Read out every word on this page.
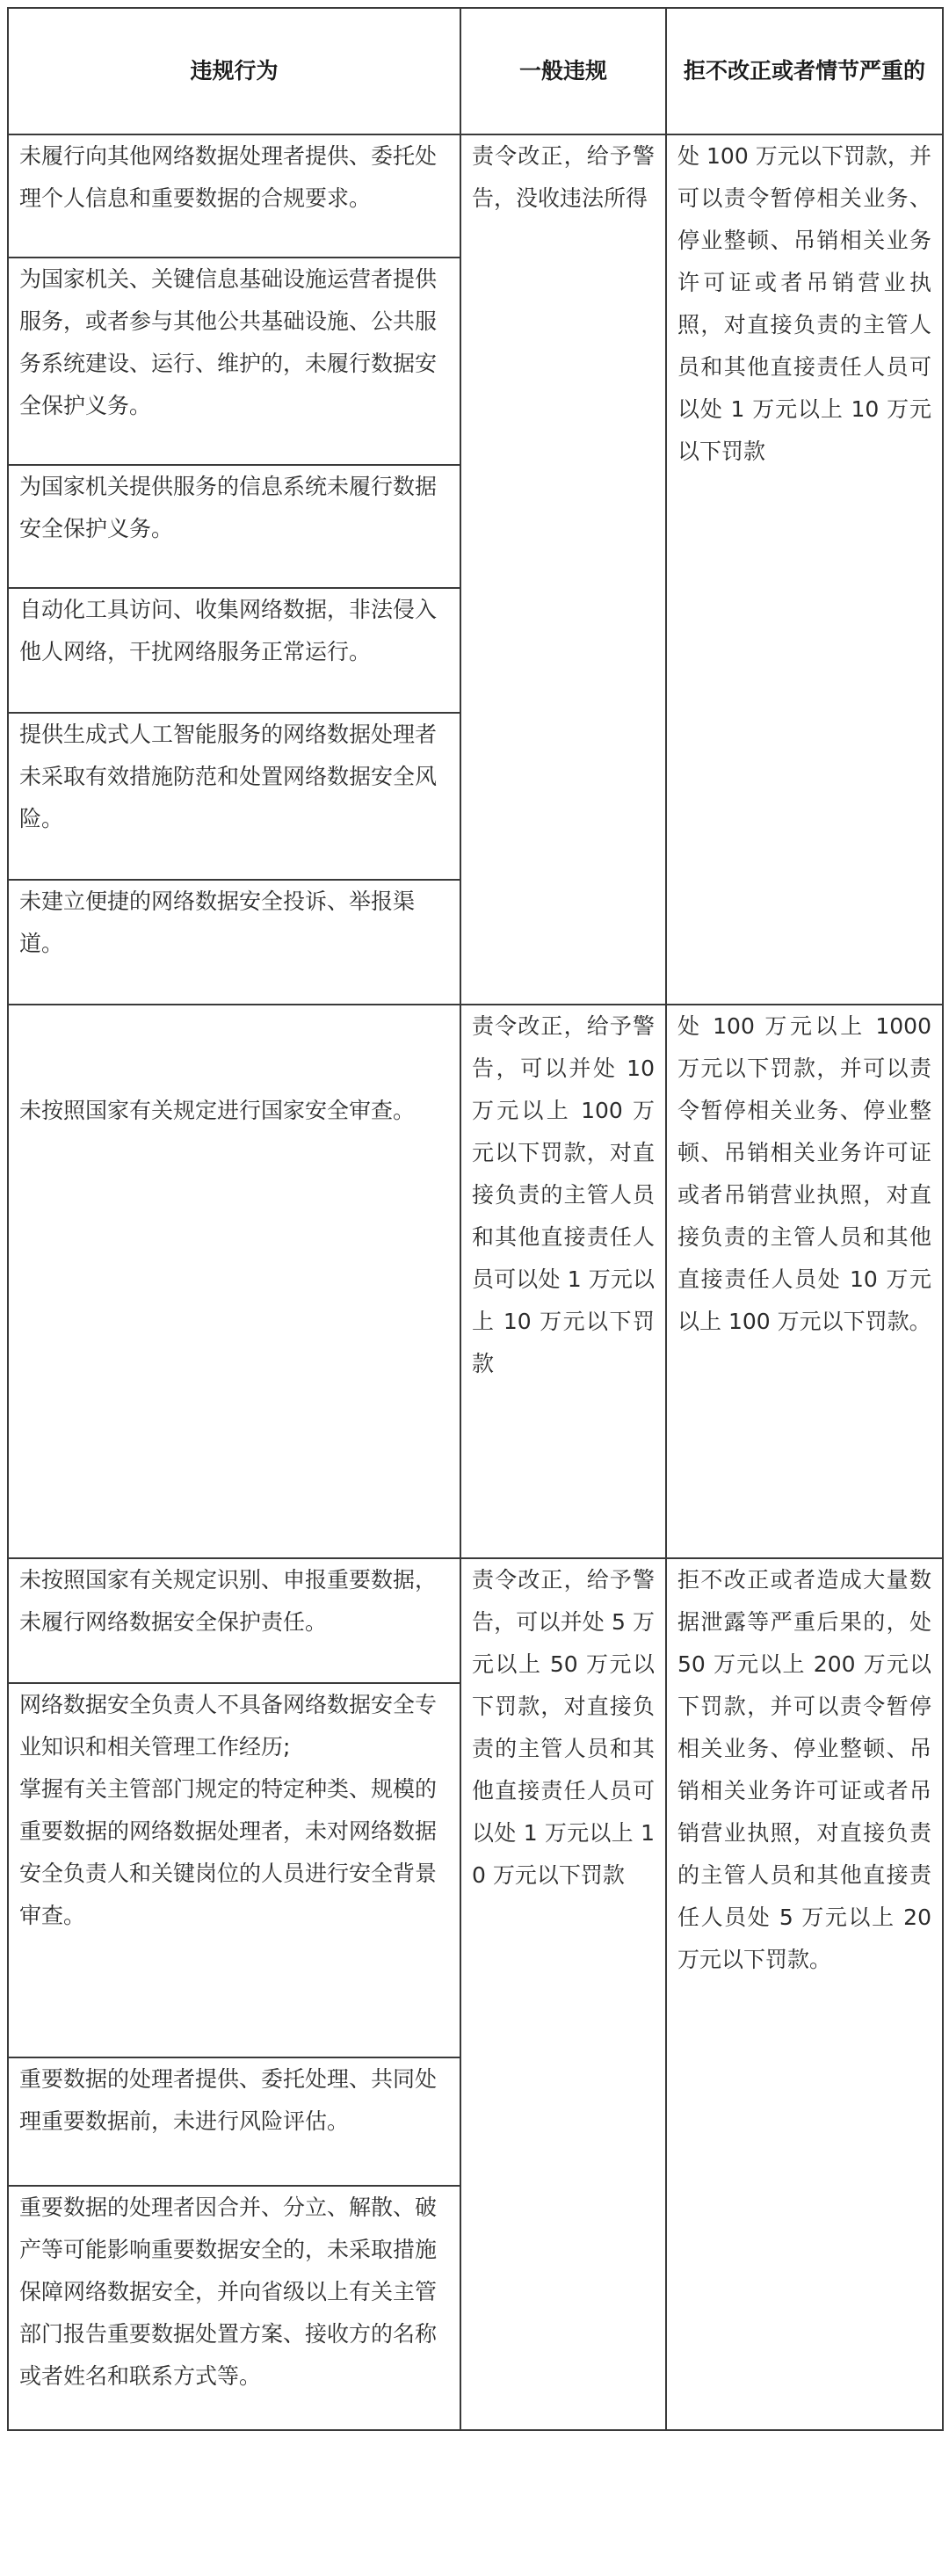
违规行为	一般违规	拒不改正或者情节严重的
未履行向其他网络数据处理者提供、委托处理个人信息和重要数据的合规要求。	责令改正，给予警告，没收违法所得	处 100 万元以下罚款，并可以责令暂停相关业务、停业整顿、吊销相关业务许可证或者吊销营业执照，对直接负责的主管人员和其他直接责任人员可以处 1 万元以上 10 万元以下罚款
为国家机关、关键信息基础设施运营者提供服务，或者参与其他公共基础设施、公共服务系统建设、运行、维护的，未履行数据安全保护义务。		
为国家机关提供服务的信息系统未履行数据安全保护义务。		
自动化工具访问、收集网络数据，非法侵入他人网络，干扰网络服务正常运行。		
提供生成式人工智能服务的网络数据处理者未采取有效措施防范和处置网络数据安全风险。		
未建立便捷的网络数据安全投诉、举报渠道。		
未按照国家有关规定进行国家安全审查。	责令改正，给予警告，可以并处 10 万元以上 100 万元以下罚款，对直接负责的主管人员和其他直接责任人员可以处 1 万元以上 10 万元以下罚款	处 100 万元以上 1000 万元以下罚款，并可以责令暂停相关业务、停业整顿、吊销相关业务许可证或者吊销营业执照，对直接负责的主管人员和其他直接责任人员处 10 万元以上 100 万元以下罚款。
未按照国家有关规定识别、申报重要数据，未履行网络数据安全保护责任。	责令改正，给予警告，可以并处 5 万元以上 50 万元以下罚款，对直接负责的主管人员和其他直接责任人员可以处 1 万元以上 10 万元以下罚款	拒不改正或者造成大量数据泄露等严重后果的，处 50 万元以上 200 万元以下罚款，并可以责令暂停相关业务、停业整顿、吊销相关业务许可证或者吊销营业执照，对直接负责的主管人员和其他直接责任人员处 5 万元以上 20 万元以下罚款。

网络数据安全负责人不具备网络数据安全专业知识和相关管理工作经历;
掌握有关主管部门规定的特定种类、规模的重要数据的网络数据处理者，未对网络数据安全负责人和关键岗位的人员进行安全背景审查。		

重要数据的处理者提供、委托处理、共同处理重要数据前，未进行风险评估。		
重要数据的处理者因合并、分立、解散、破产等可能影响重要数据安全的，未采取措施保障网络数据安全，并向省级以上有关主管部门报告重要数据处置方案、接收方的名称或者姓名和联系方式等。		
